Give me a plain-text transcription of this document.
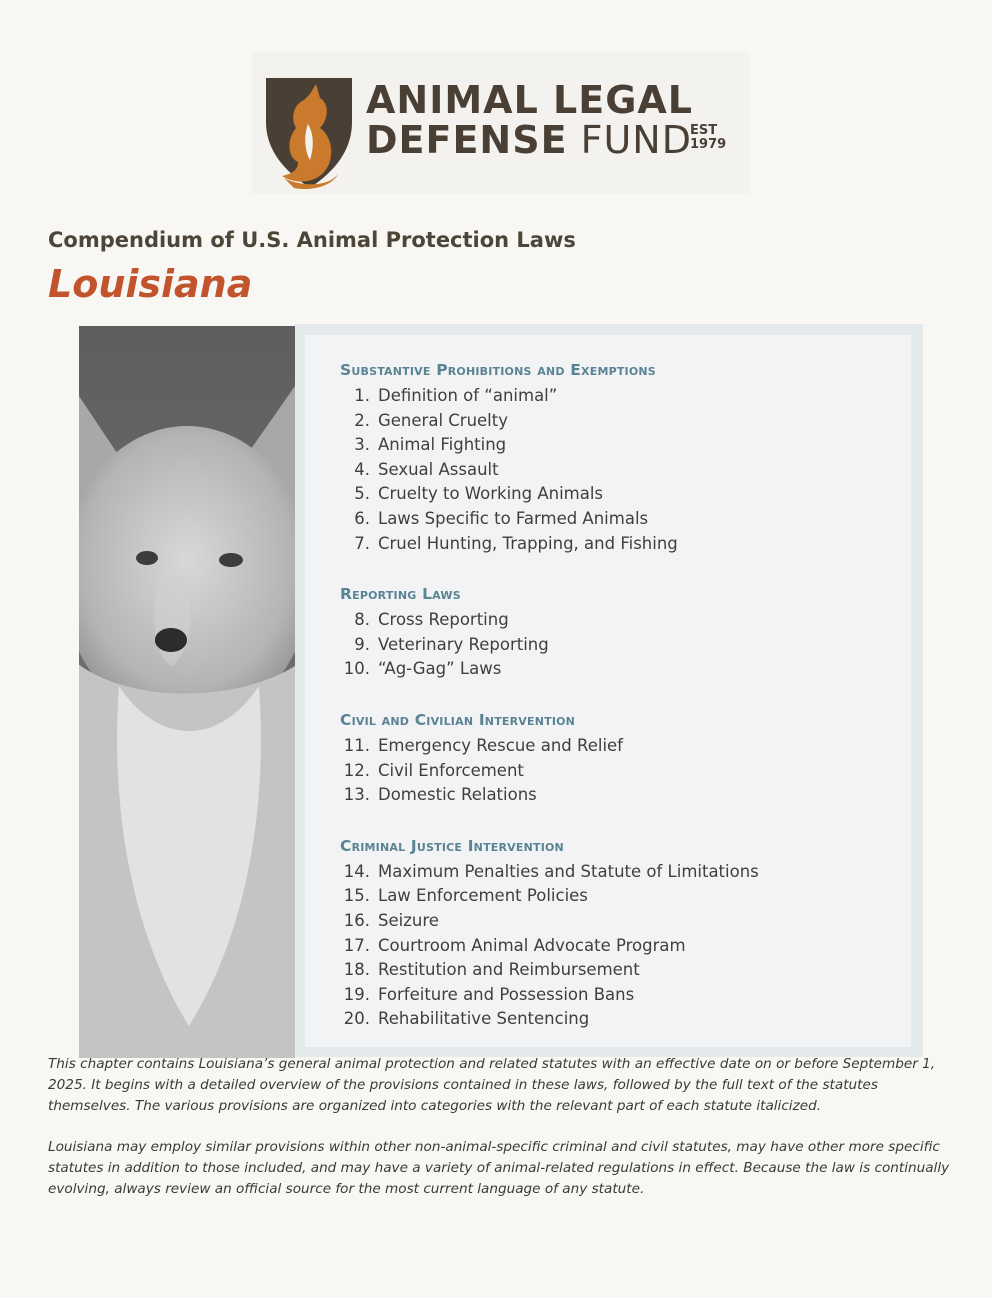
ANIMAL LEGAL
DEFENSE FUND
EST
1979
Compendium of U.S. Animal Protection Laws
Louisiana
Substantive Prohibitions and Exemptions
1. Definition of “animal”
2. General Cruelty
3. Animal Fighting
4. Sexual Assault
5. Cruelty to Working Animals
6. Laws Specific to Farmed Animals
7. Cruel Hunting, Trapping, and Fishing
Reporting Laws
8. Cross Reporting
9. Veterinary Reporting
10. “Ag-Gag” Laws
Civil and Civilian Intervention
11. Emergency Rescue and Relief
12. Civil Enforcement
13. Domestic Relations
Criminal Justice Intervention
14. Maximum Penalties and Statute of Limitations
15. Law Enforcement Policies
16. Seizure
17. Courtroom Animal Advocate Program
18. Restitution and Reimbursement
19. Forfeiture and Possession Bans
20. Rehabilitative Sentencing

This chapter contains Louisiana’s general animal protection and related statutes with an effective date on or before September 1, 2025. It begins with a detailed overview of the provisions contained in these laws, followed by the full text of the statutes themselves. The various provisions are organized into categories with the relevant part of each statute italicized.

Louisiana may employ similar provisions within other non-animal-specific criminal and civil statutes, may have other more specific statutes in addition to those included, and may have a variety of animal-related regulations in effect. Because the law is continually evolving, always review an official source for the most current language of any statute.
